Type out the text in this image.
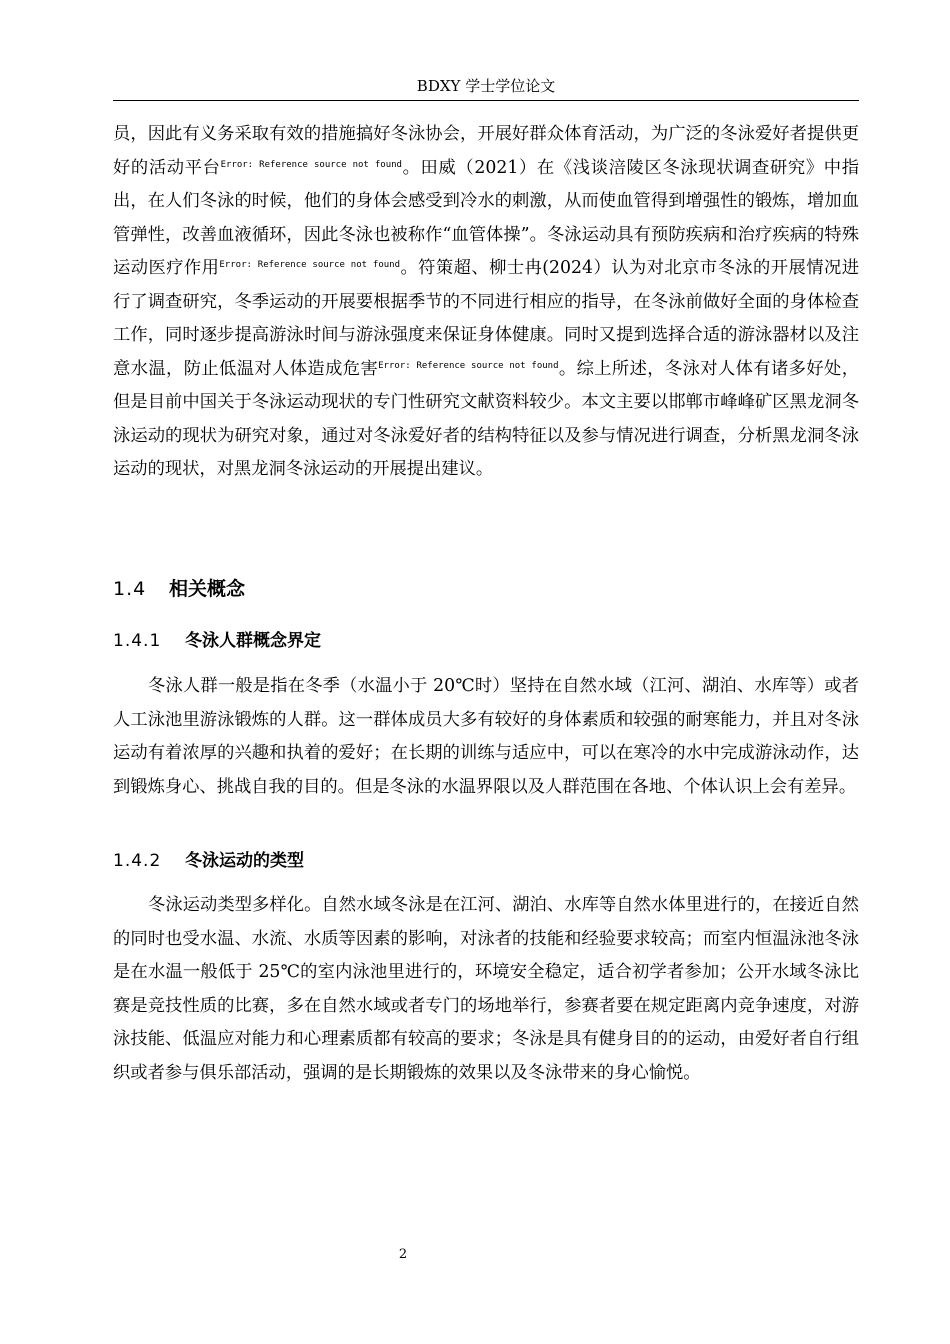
BDXY 学士学位论文

员，因此有义务采取有效的措施搞好冬泳协会，开展好群众体育活动，为广泛的冬泳爱好者提供更好的活动平台$^{Error: Reference source not found}$。田威（2021）在《浅谈涪陵区冬泳现状调查研究》中指出，在人们冬泳的时候，他们的身体会感受到冷水的刺激，从而使血管得到增强性的锻炼，增加血管弹性，改善血液循环，因此冬泳也被称作“血管体操”。冬泳运动具有预防疾病和治疗疾病的特殊运动医疗作用$^{Error: Reference source not found}$。符策超、柳士冉(2024）认为对北京市冬泳的开展情况进行了调查研究，冬季运动的开展要根据季节的不同进行相应的指导，在冬泳前做好全面的身体检查工作，同时逐步提高游泳时间与游泳强度来保证身体健康。同时又提到选择合适的游泳器材以及注意水温，防止低温对人体造成危害$^{Error: Reference source not found}$。综上所述，冬泳对人体有诸多好处，但是目前中国关于冬泳运动现状的专门性研究文献资料较少。本文主要以邯郸市峰峰矿区黑龙洞冬泳运动的现状为研究对象，通过对冬泳爱好者的结构特征以及参与情况进行调查，分析黑龙洞冬泳运动的现状，对黑龙洞冬泳运动的开展提出建议。

1.4 相关概念
1.4.1 冬泳人群概念界定

冬泳人群一般是指在冬季（水温小于 20℃时）坚持在自然水域（江河、湖泊、水库等）或者人工泳池里游泳锻炼的人群。这一群体成员大多有较好的身体素质和较强的耐寒能力，并且对冬泳运动有着浓厚的兴趣和执着的爱好；在长期的训练与适应中，可以在寒冷的水中完成游泳动作，达到锻炼身心、挑战自我的目的。但是冬泳的水温界限以及人群范围在各地、个体认识上会有差异。

1.4.2 冬泳运动的类型

冬泳运动类型多样化。自然水域冬泳是在江河、湖泊、水库等自然水体里进行的，在接近自然的同时也受水温、水流、水质等因素的影响，对泳者的技能和经验要求较高；而室内恒温泳池冬泳是在水温一般低于 25℃的室内泳池里进行的，环境安全稳定，适合初学者参加；公开水域冬泳比赛是竞技性质的比赛，多在自然水域或者专门的场地举行，参赛者要在规定距离内竞争速度，对游泳技能、低温应对能力和心理素质都有较高的要求；冬泳是具有健身目的的运动，由爱好者自行组织或者参与俱乐部活动，强调的是长期锻炼的效果以及冬泳带来的身心愉悦。

2
